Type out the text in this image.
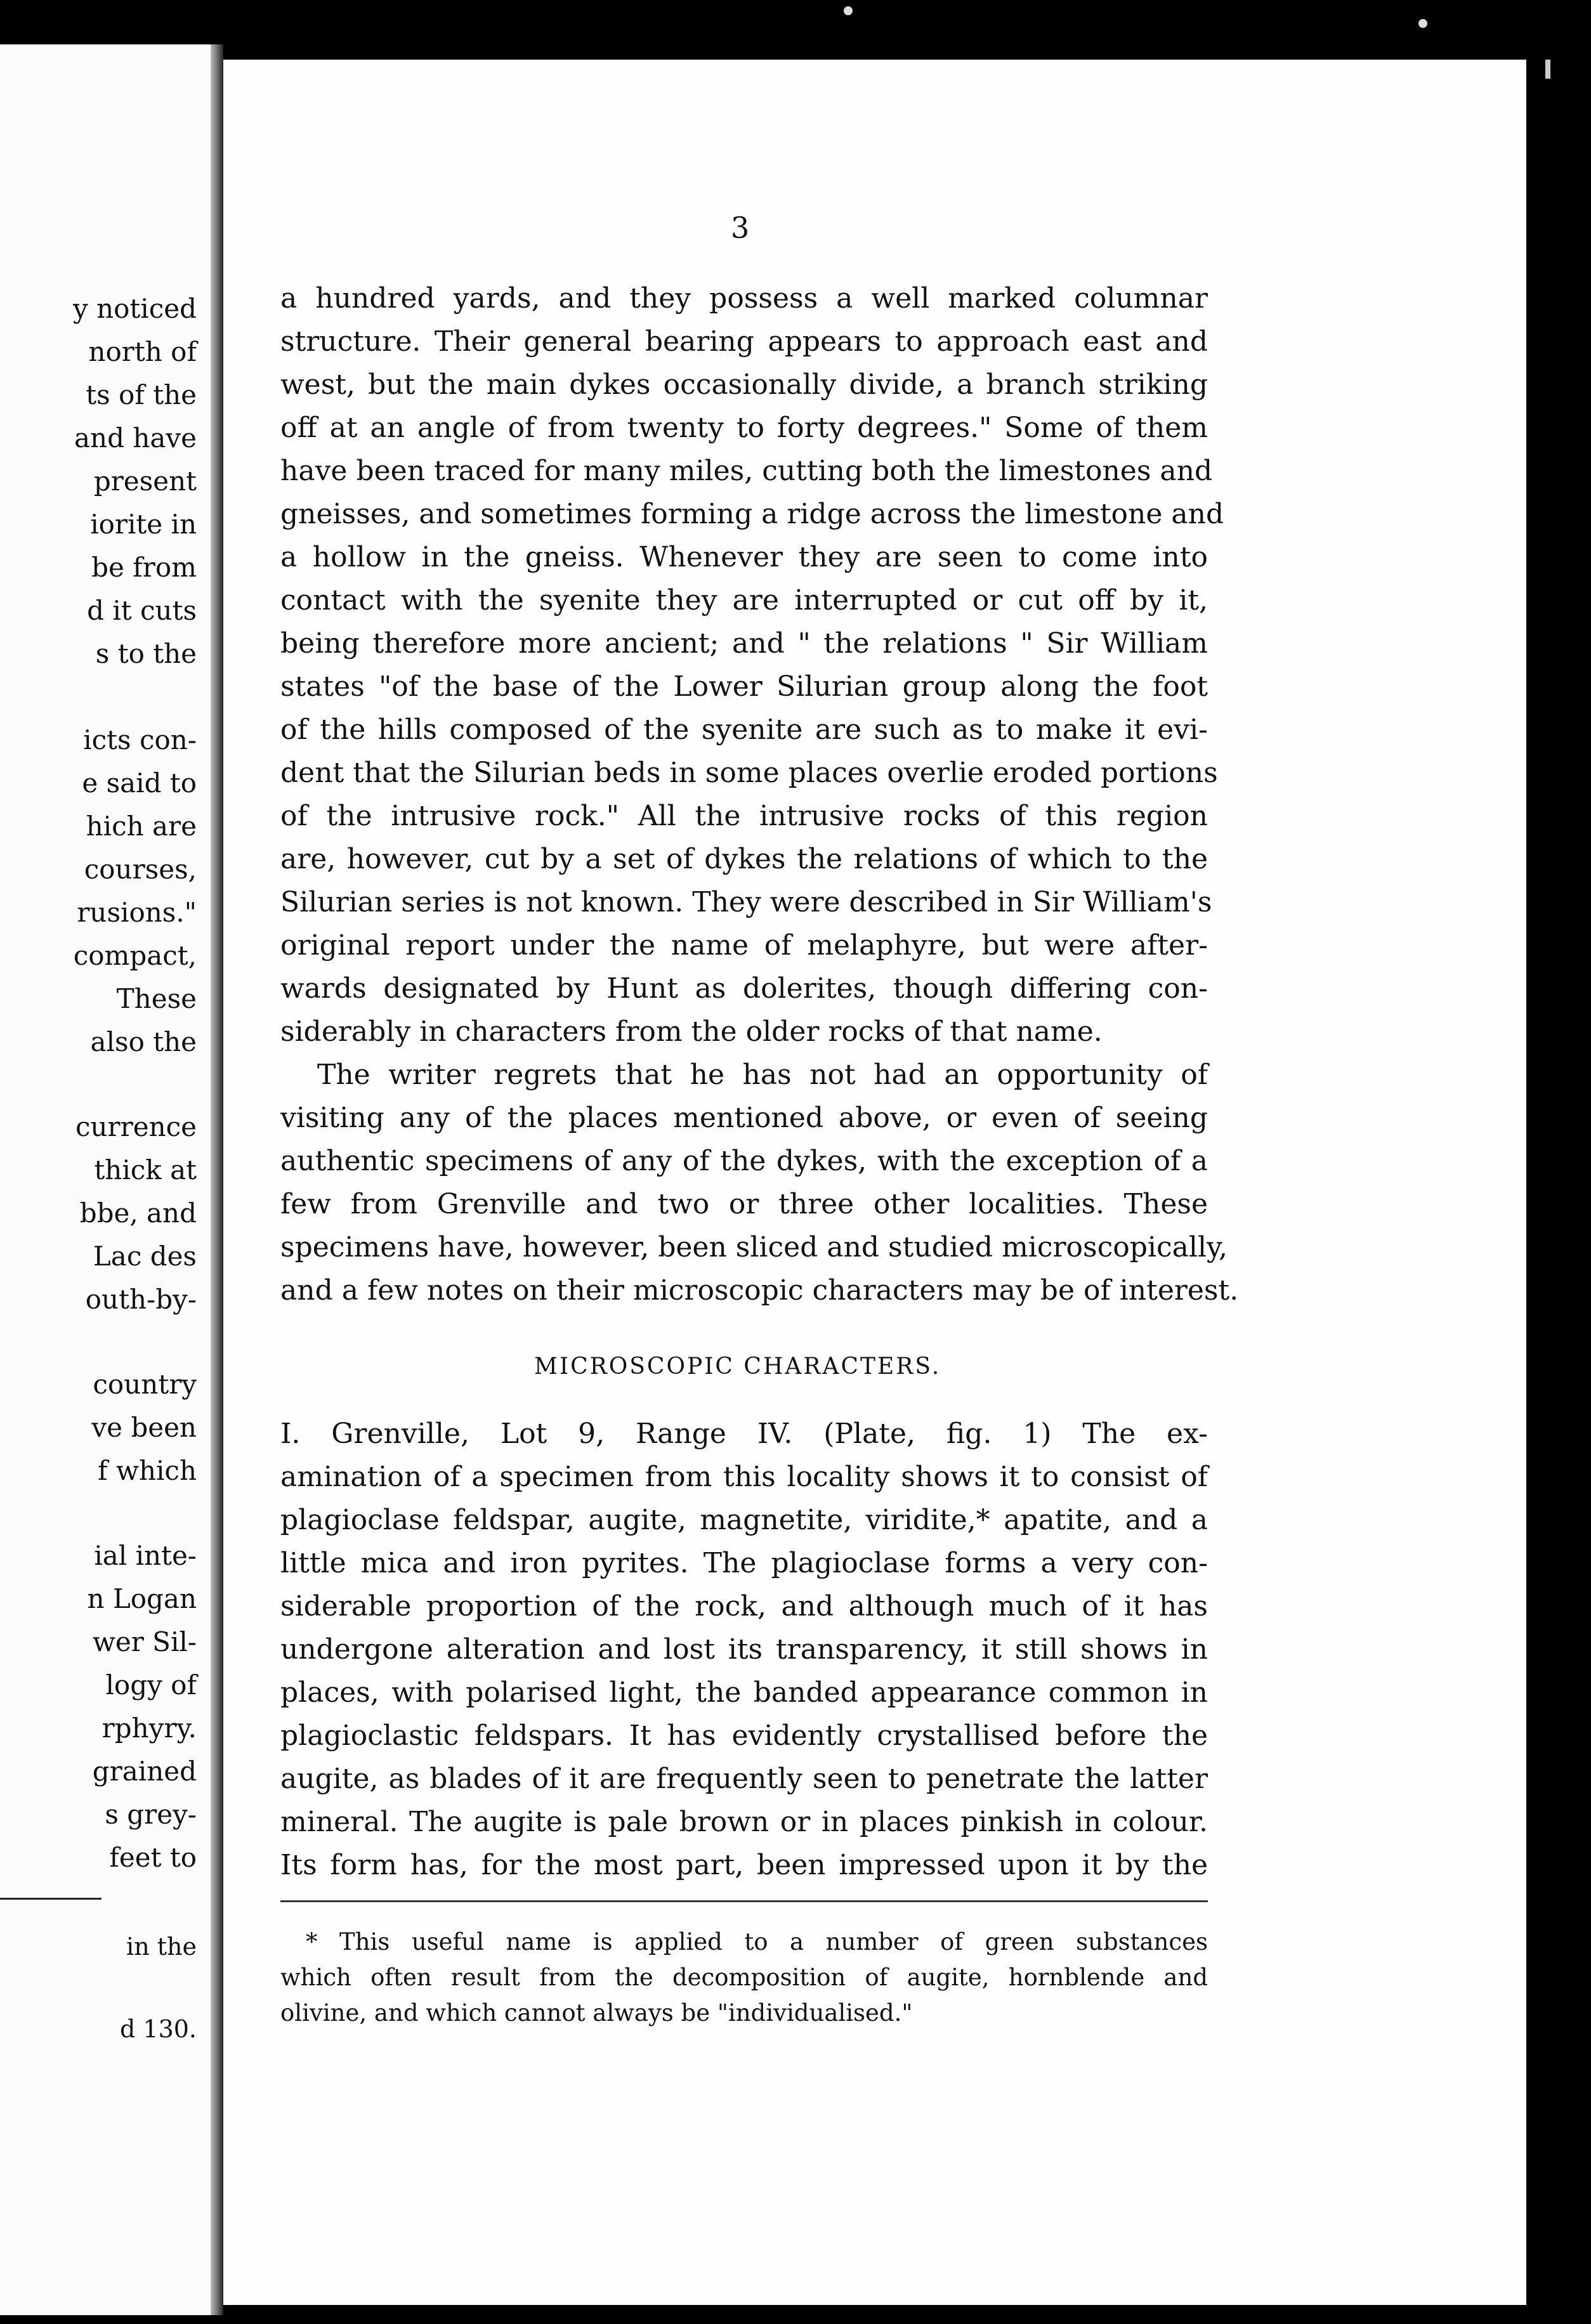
y noticed
north of
ts of the
and have
present
iorite in
be from
d it cuts
s to the
icts con-
e said to
hich are
courses,
rusions."
compact,
These
also the
currence
thick at
bbe, and
Lac des
outh-by-
country
ve been
f which
ial inte-
n Logan
wer Sil-
logy of
rphyry.
grained
s grey-
feet to
in the
d 130.
3
a hundred yards, and they possess a well marked columnar
structure. Their general bearing appears to approach east and
west, but the main dykes occasionally divide, a branch striking
off at an angle of from twenty to forty degrees." Some of them
have been traced for many miles, cutting both the limestones and
gneisses, and sometimes forming a ridge across the limestone and
a hollow in the gneiss. Whenever they are seen to come into
contact with the syenite they are interrupted or cut off by it,
being therefore more ancient; and " the relations " Sir William
states "of the base of the Lower Silurian group along the foot
of the hills composed of the syenite are such as to make it evi-
dent that the Silurian beds in some places overlie eroded portions
of the intrusive rock." All the intrusive rocks of this region
are, however, cut by a set of dykes the relations of which to the
Silurian series is not known. They were described in Sir William's
original report under the name of melaphyre, but were after-
wards designated by Hunt as dolerites, though differing con-
siderably in characters from the older rocks of that name.
The writer regrets that he has not had an opportunity of
visiting any of the places mentioned above, or even of seeing
authentic specimens of any of the dykes, with the exception of a
few from Grenville and two or three other localities. These
specimens have, however, been sliced and studied microscopically,
and a few notes on their microscopic characters may be of interest.
MICROSCOPIC CHARACTERS.
I. Grenville, Lot 9, Range IV. (Plate, fig. 1) The ex-
amination of a specimen from this locality shows it to consist of
plagioclase feldspar, augite, magnetite, viridite,* apatite, and a
little mica and iron pyrites. The plagioclase forms a very con-
siderable proportion of the rock, and although much of it has
undergone alteration and lost its transparency, it still shows in
places, with polarised light, the banded appearance common in
plagioclastic feldspars. It has evidently crystallised before the
augite, as blades of it are frequently seen to penetrate the latter
mineral. The augite is pale brown or in places pinkish in colour.
Its form has, for the most part, been impressed upon it by the
* This useful name is applied to a number of green substances
which often result from the decomposition of augite, hornblende and
olivine, and which cannot always be "individualised."
